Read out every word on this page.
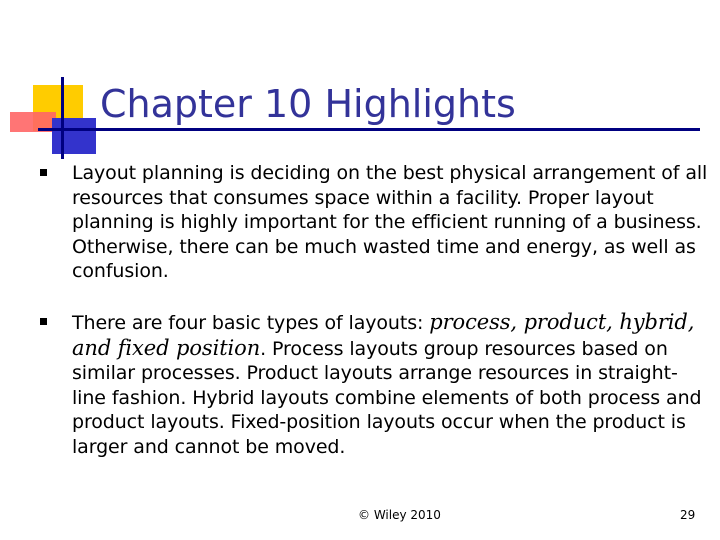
Chapter 10 Highlights

Layout planning is deciding on the best physical arrangement of all resources that consumes space within a facility. Proper layout planning is highly important for the efficient running of a business. Otherwise, there can be much wasted time and energy, as well as confusion.

There are four basic types of layouts: process, product, hybrid, and fixed position. Process layouts group resources based on similar processes. Product layouts arrange resources in straight-line fashion. Hybrid layouts combine elements of both process and product layouts. Fixed-position layouts occur when the product is larger and cannot be moved.

© Wiley 2010	29
